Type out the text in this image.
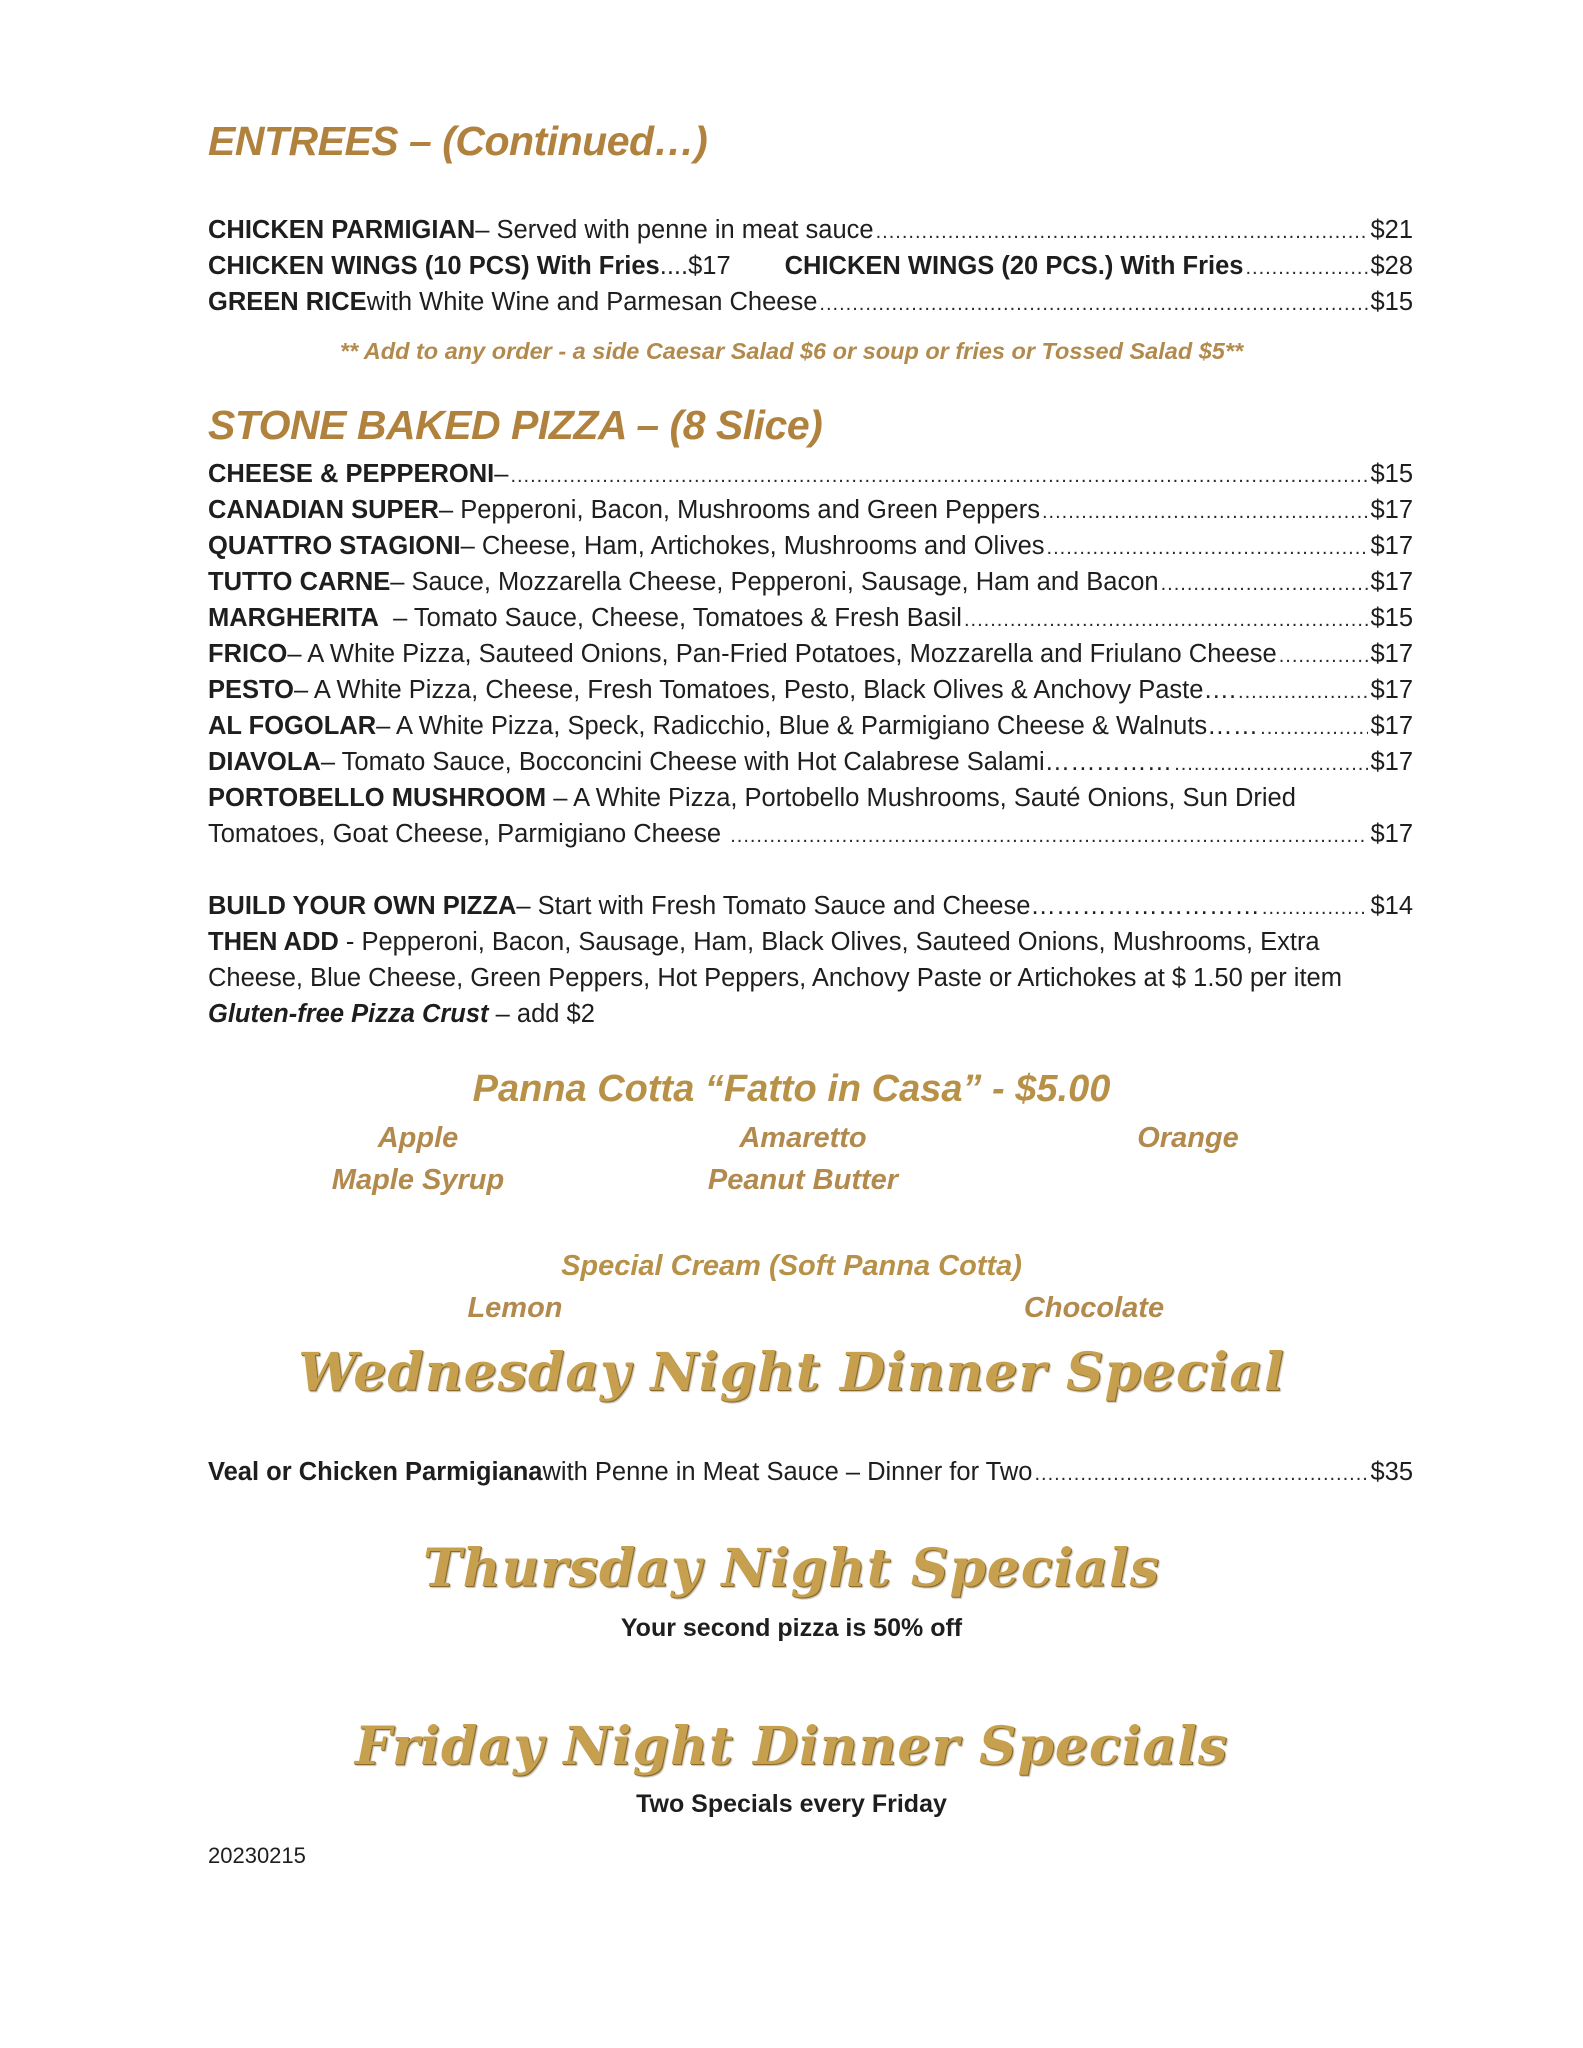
ENTREES – (Continued…)
CHICKEN PARMIGIAN – Served with penne in meat sauce .....	$21
CHICKEN WINGS (10 PCS) With Fries .... $17 CHICKEN WINGS (20 PCS.) With Fries .....	$28
GREEN RICE with White Wine and Parmesan Cheese .....	$15
** Add to any order - a side Caesar Salad $6 or soup or fries or Tossed Salad $5**
STONE BAKED PIZZA – (8 Slice)
CHEESE & PEPPERONI – .....	$15
CANADIAN SUPER – Pepperoni, Bacon, Mushrooms and Green Peppers .....	$17
QUATTRO STAGIONI – Cheese, Ham, Artichokes, Mushrooms and Olives .....	$17
TUTTO CARNE – Sauce, Mozzarella Cheese, Pepperoni, Sausage, Ham and Bacon .....	$17
MARGHERITA – Tomato Sauce, Cheese, Tomatoes & Fresh Basil .....	$15
FRICO – A White Pizza, Sauteed Onions, Pan-Fried Potatoes, Mozzarella and Friulano Cheese .....	$17
PESTO – A White Pizza, Cheese, Fresh Tomatoes, Pesto, Black Olives & Anchovy Paste…. .....	$17
AL FOGOLAR – A White Pizza, Speck, Radicchio, Blue & Parmigiano Cheese & Walnuts…… .....	$17
DIAVOLA – Tomato Sauce, Bocconcini Cheese with Hot Calabrese Salami…………… .....	$17
PORTOBELLO MUSHROOM – A White Pizza, Portobello Mushrooms, Sauté Onions, Sun Dried
Tomatoes, Goat Cheese, Parmigiano Cheese .....	$17
BUILD YOUR OWN PIZZA – Start with Fresh Tomato Sauce and Cheese……………………… .....	$14
THEN ADD - Pepperoni, Bacon, Sausage, Ham, Black Olives, Sauteed Onions, Mushrooms, Extra
Cheese, Blue Cheese, Green Peppers, Hot Peppers, Anchovy Paste or Artichokes at $ 1.50 per item
Gluten-free Pizza Crust – add $2
Panna Cotta “Fatto in Casa” - $5.00
Apple	Amaretto	Orange
Maple Syrup	Peanut Butter
Special Cream (Soft Panna Cotta)
Lemon	Chocolate
Wednesday Night Dinner Special
Veal or Chicken Parmigiana with Penne in Meat Sauce – Dinner for Two .....	$35
Thursday Night Specials
Your second pizza is 50% off
Friday Night Dinner Specials
Two Specials every Friday
20230215
